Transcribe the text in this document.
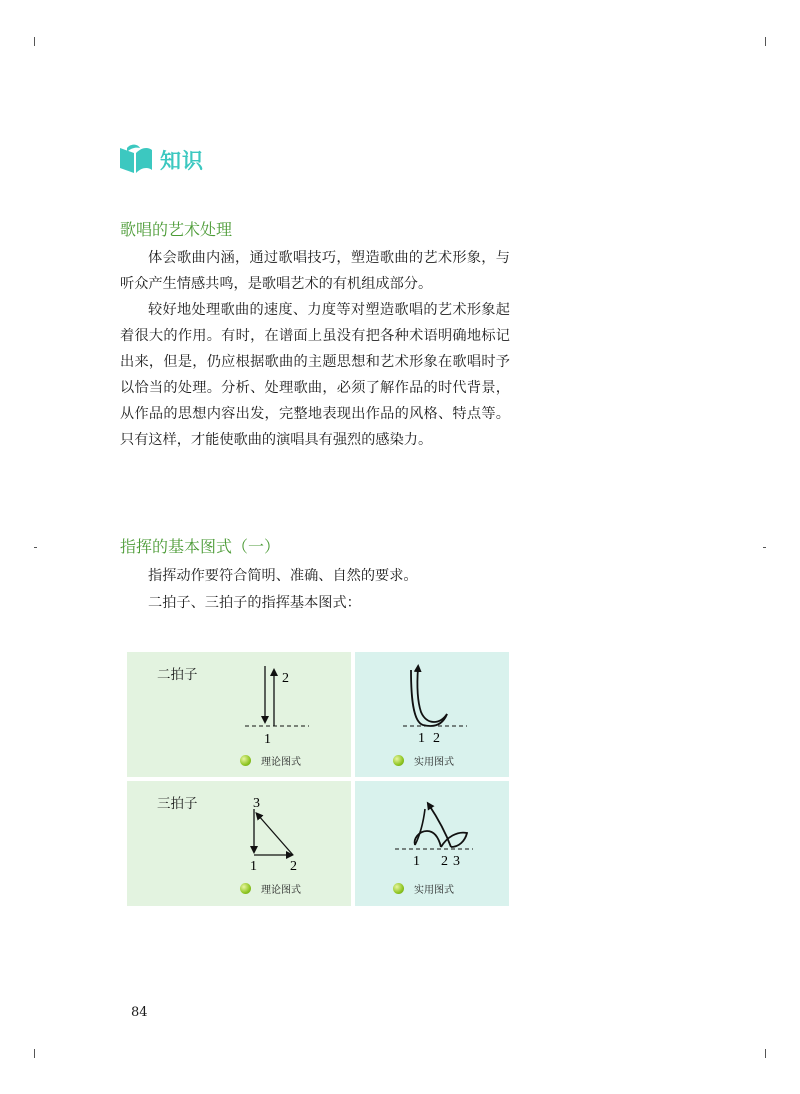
知识
歌唱的艺术处理

体会歌曲内涵，通过歌唱技巧，塑造歌曲的艺术形象，与听众产生情感共鸣，是歌唱艺术的有机组成部分。

较好地处理歌曲的速度、力度等对塑造歌唱的艺术形象起着很大的作用。有时，在谱面上虽没有把各种术语明确地标记出来，但是，仍应根据歌曲的主题思想和艺术形象在歌唱时予以恰当的处理。分析、处理歌曲，必须了解作品的时代背景，从作品的思想内容出发，完整地表现出作品的风格、特点等。只有这样，才能使歌曲的演唱具有强烈的感染力。

指挥的基本图式（一）
指挥动作要符合简明、准确、自然的要求。
二拍子、三拍子的指挥基本图式：
二拍子
1
2
理论图式
1 2
实用图式
三拍子	3
1 2
理论图式
1 2 3
实用图式
84
